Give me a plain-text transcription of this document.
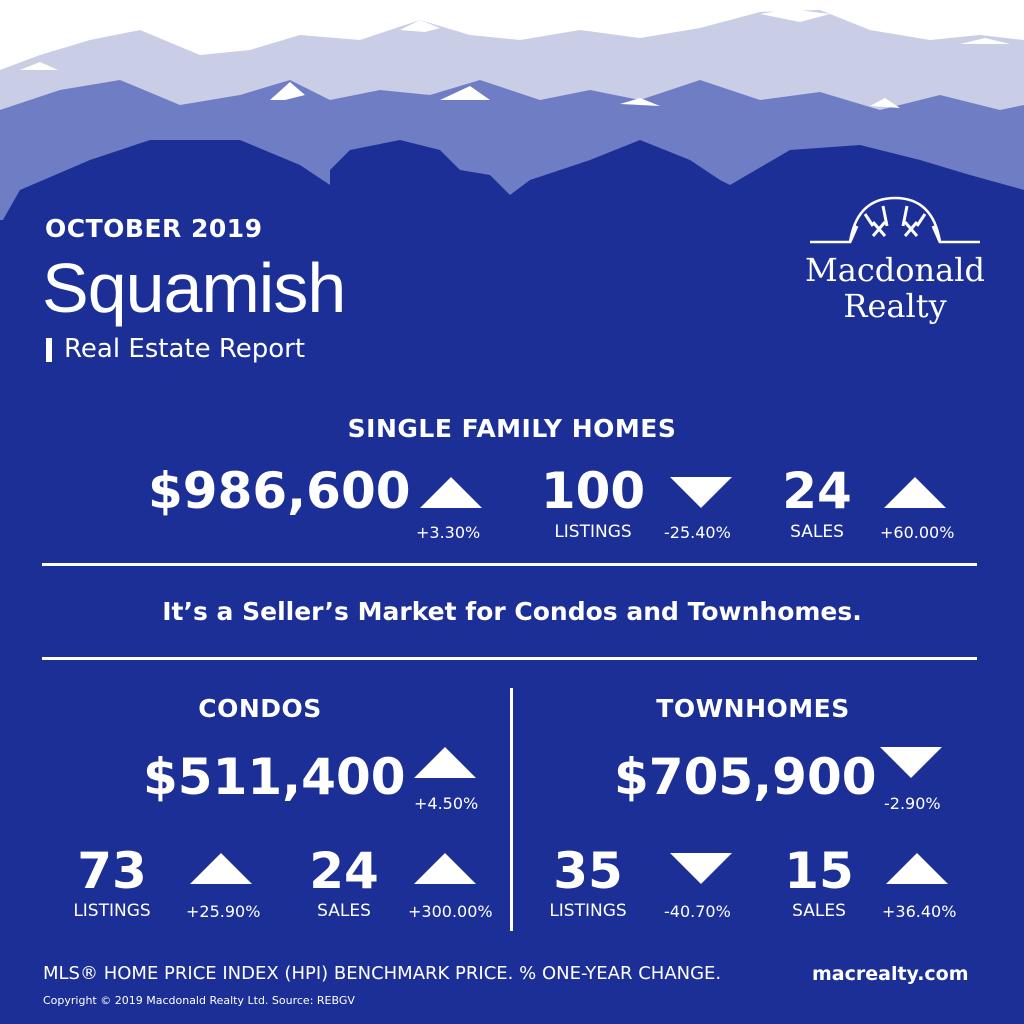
OCTOBER 2019
Squamish
Real Estate Report
Macdonald
Realty
SINGLE FAMILY HOMES
$986,600
+3.30%
100
LISTINGS	-25.40%
24
SALES	+60.00%
It’s a Seller’s Market for Condos and Townhomes.
CONDOS
$511,400 +4.50%
73
LISTINGS	+25.90%
24
SALES	+300.00%
TOWNHOMES
$705,900 -2.90%
35
LISTINGS	-40.70%
15
SALES	+36.40%
MLS® HOME PRICE INDEX (HPI) BENCHMARK PRICE. % ONE-YEAR CHANGE.	macrealty.com
Copyright © 2019 Macdonald Realty Ltd. Source: REBGV
